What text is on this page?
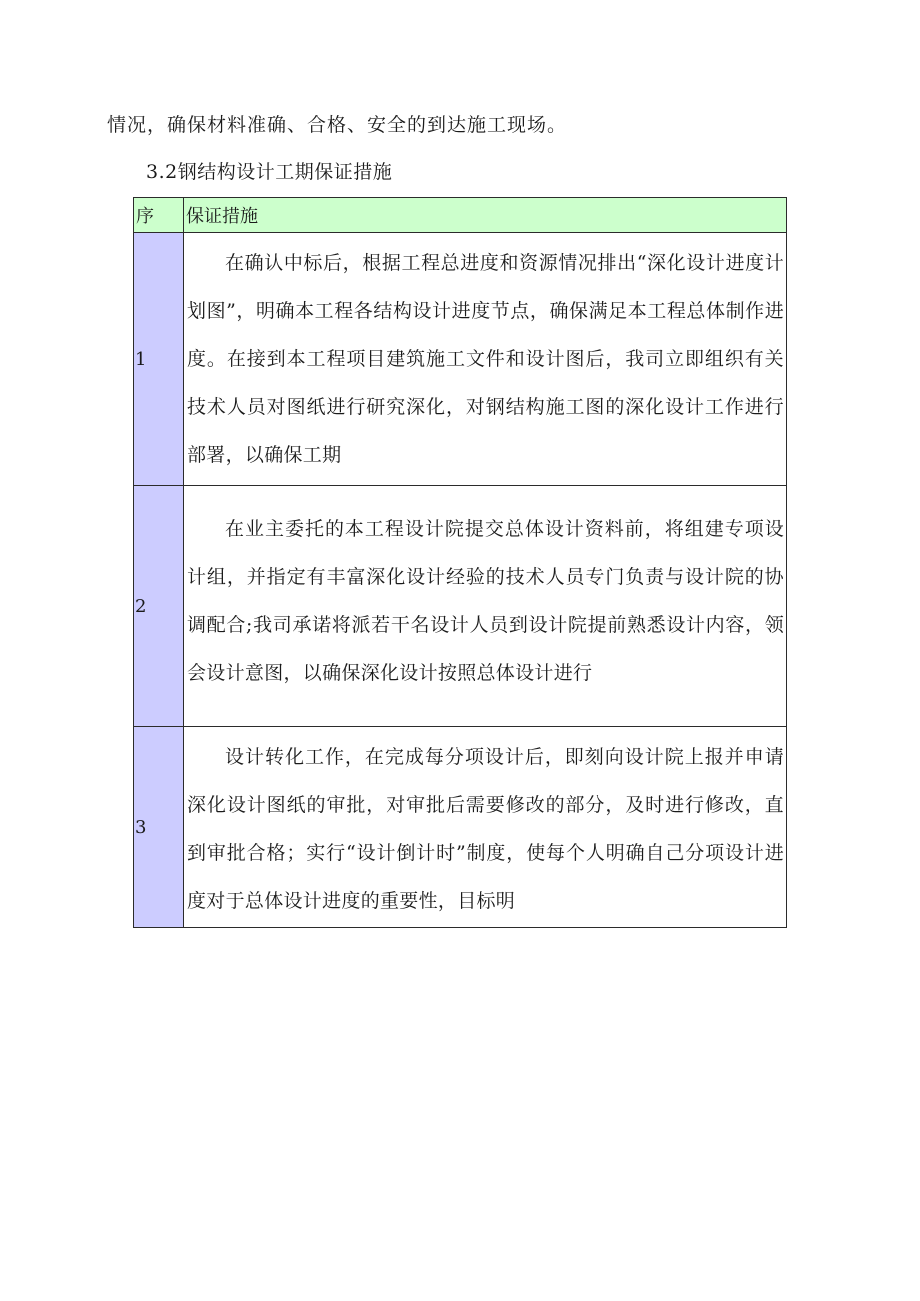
情况，确保材料准确、合格、安全的到达施工现场。
3.2钢结构设计工期保证措施
序	保证措施
1	在确认中标后，根据工程总进度和资源情况排出“深化设计进度计划图”，明确本工程各结构设计进度节点，确保满足本工程总体制作进度。在接到本工程项目建筑施工文件和设计图后，我司立即组织有关技术人员对图纸进行研究深化，对钢结构施工图的深化设计工作进行部署，以确保工期

2	在业主委托的本工程设计院提交总体设计资料前，将组建专项设计组，并指定有丰富深化设计经验的技术人员专门负责与设计院的协调配合;我司承诺将派若干名设计人员到设计院提前熟悉设计内容，领会设计意图，以确保深化设计按照总体设计进行

3	设计转化工作，在完成每分项设计后，即刻向设计院上报并申请深化设计图纸的审批，对审批后需要修改的部分，及时进行修改，直到审批合格；实行“设计倒计时”制度，使每个人明确自己分项设计进度对于总体设计进度的重要性，目标明
